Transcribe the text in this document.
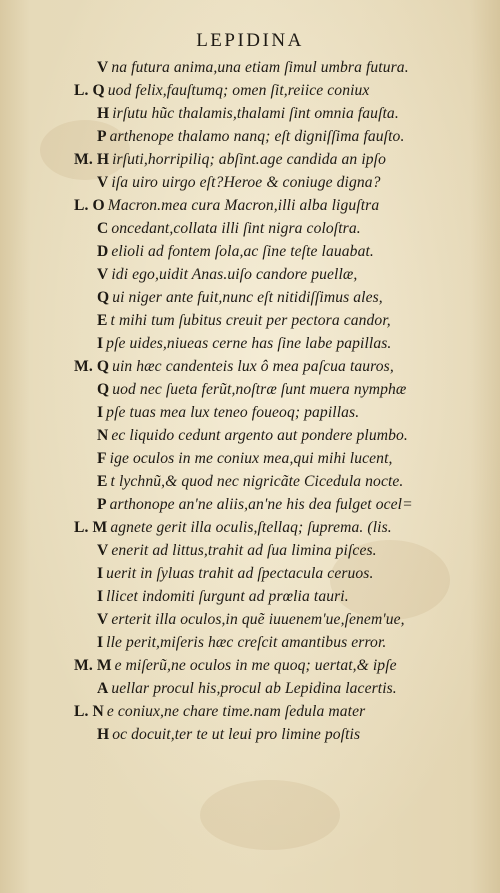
LEPIDINA
V na futura anima,una etiam ſimul umbra futura.
L. Q uod felix,fauſtumq; omen ſit,reiice coniux
H irſutu hũc thalamis,thalami ſint omnia fauſta.
P arthenope thalamo nanq; eſt digniſſima fauſto.
M. H irſuti,horripiliq; abſint.age candida an ipſo
V iſa uiro uirgo eſt?Heroe & coniuge digna?
L. O Macron.mea cura Macron,illi alba liguſtra
C oncedant,collata illi ſint nigra coloſtra.
D elioli ad fontem ſola,ac ſine teſte lauabat.
V idi ego,uidit Anas.uiſo candore puellæ,
Q ui niger ante fuit,nunc eſt nitidiſſimus ales,
E t mihi tum ſubitus creuit per pectora candor,
I pſe uides,niueas cerne has ſine labe papillas.
M. Q uin hæc candenteis lux ô mea paſcua tauros,
Q uod nec ſueta ferũt,noſtræ ſunt muera nymphæ
I pſe tuas mea lux teneo foueoq; papillas.
N ec liquido cedunt argento aut pondere plumbo.
F ige oculos in me coniux mea,qui mihi lucent,
E t lychnũ,& quod nec nigricãte Cicedula nocte.
P arthonope an'ne aliis,an'ne his dea fulget ocel=
L. M agnete gerit illa oculis,ſtellaq; ſuprema. (lis.
V enerit ad littus,trahit ad ſua limina piſces.
I uerit in ſyluas trahit ad ſpectacula ceruos.
I llicet indomiti ſurgunt ad prœlia tauri.
V erterit illa oculos,in quẽ iuuenem'ue,ſenem'ue,
I lle perit,miſeris hæc creſcit amantibus error.
M. M e miſerũ,ne oculos in me quoq; uertat,& ipſe
A uellar procul his,procul ab Lepidina lacertis.
L. N e coniux,ne chare time.nam ſedula mater
H oc docuit,ter te ut leui pro limine poſtis
